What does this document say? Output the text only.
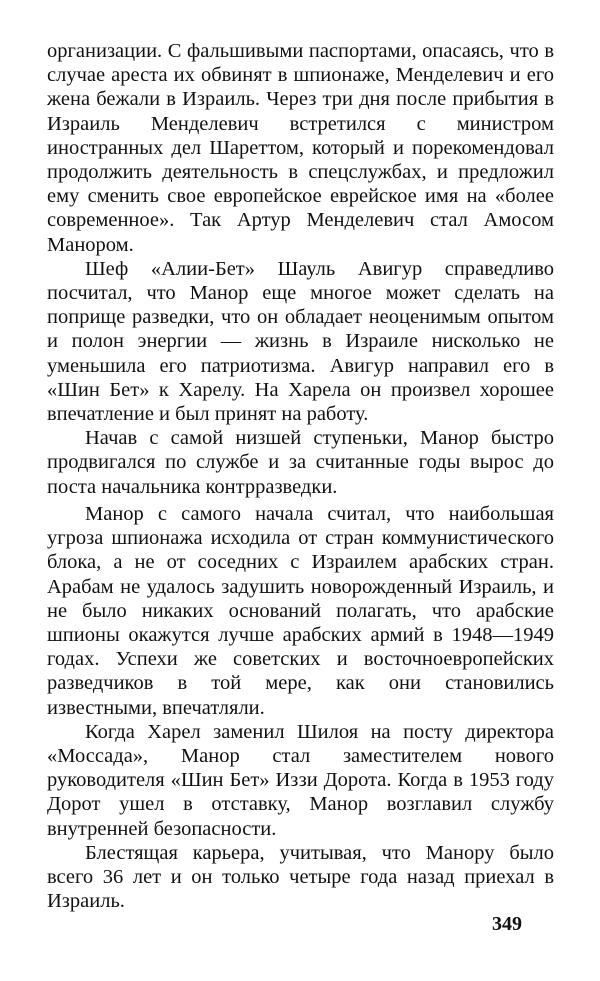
организации. С фальшивыми паспортами, опасаясь, что в случае ареста их обвинят в шпионаже, Менделевич и его жена бежали в Израиль. Через три дня после прибытия в Израиль Менделевич встретился с министром иностранных дел Шареттом, который и порекомендовал продолжить деятельность в спецслужбах, и предложил ему сменить свое европейское еврейское имя на «более современное». Так Артур Менделевич стал Амосом Манором.

Шеф «Алии-Бет» Шауль Авигур справедливо посчитал, что Манор еще многое может сделать на поприще разведки, что он обладает неоценимым опытом и полон энергии — жизнь в Израиле нисколько не уменьшила его патриотизма. Авигур направил его в «Шин Бет» к Харелу. На Харела он произвел хорошее впечатление и был принят на работу.

Начав с самой низшей ступеньки, Манор быстро продвигался по службе и за считанные годы вырос до поста начальника контрразведки.

Манор с самого начала считал, что наибольшая угроза шпионажа исходила от стран коммунистического блока, а не от соседних с Израилем арабских стран. Арабам не удалось задушить новорожденный Израиль, и не было никаких оснований полагать, что арабские шпионы окажутся лучше арабских армий в 1948—1949 годах. Успехи же советских и восточноевропейских разведчиков в той мере, как они становились известными, впечатляли.

Когда Харел заменил Шилоя на посту директора «Моссада», Манор стал заместителем нового руководителя «Шин Бет» Иззи Дорота. Когда в 1953 году Дорот ушел в отставку, Манор возглавил службу внутренней безопасности.

Блестящая карьера, учитывая, что Манору было всего 36 лет и он только четыре года назад приехал в Израиль.

349
